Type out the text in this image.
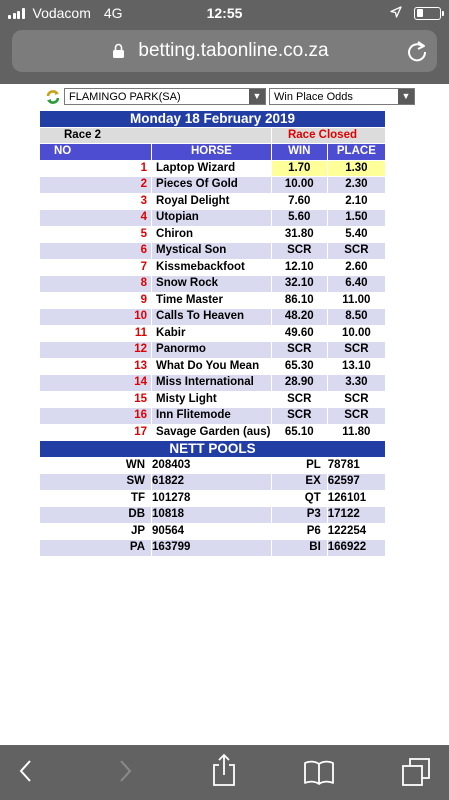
Vodacom 4G	12:55
betting.tabonline.co.za
FLAMINGO PARK(SA)	▼	Win Place Odds	▼
Monday 18 February 2019			
Race 2		Race Closed	
NO	HORSE	WIN	PLACE
1	Laptop Wizard	1.70	1.30
2	Pieces Of Gold	10.00	2.30
3	Royal Delight	7.60	2.10
4	Utopian	5.60	1.50
5	Chiron	31.80	5.40
6	Mystical Son	SCR	SCR
7	Kissmebackfoot	12.10	2.60
8	Snow Rock	32.10	6.40
9	Time Master	86.10	11.00
10	Calls To Heaven	48.20	8.50
11	Kabir	49.60	10.00
12	Panormo	SCR	SCR
13	What Do You Mean	65.30	13.10
14	Miss International	28.90	3.30
15	Misty Light	SCR	SCR
16	Inn Flitemode	SCR	SCR
17	Savage Garden (aus)	65.10	11.80
NETT POOLS			
WN	208403	PL	78781
SW	61822	EX	62597
TF	101278	QT	126101
DB	10818	P3	17122
JP	90564	P6	122254
PA	163799	BI	166922
